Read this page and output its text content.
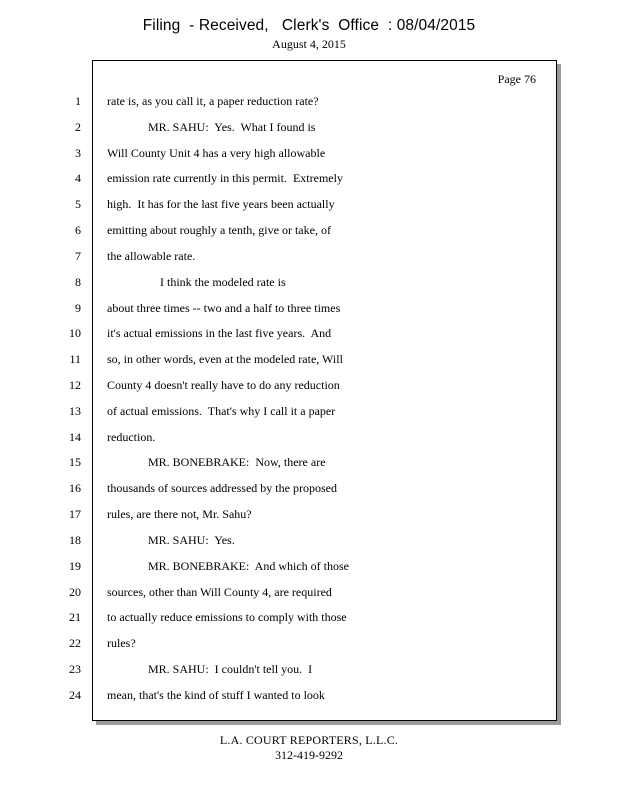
Filing  - Received,   Clerk's  Office  : 08/04/2015
August 4, 2015
Page 76
1 rate is, as you call it, a paper reduction rate?
2	MR. SAHU:  Yes.  What I found is
3 Will County Unit 4 has a very high allowable
4 emission rate currently in this permit.  Extremely
5 high.  It has for the last five years been actually
6 emitting about roughly a tenth, give or take, of
7 the allowable rate.
8	I think the modeled rate is
9 about three times -- two and a half to three times
10 it's actual emissions in the last five years.  And
11 so, in other words, even at the modeled rate, Will
12 County 4 doesn't really have to do any reduction
13 of actual emissions.  That's why I call it a paper
14 reduction.
15	MR. BONEBRAKE:  Now, there are
16 thousands of sources addressed by the proposed
17 rules, are there not, Mr. Sahu?
18	MR. SAHU:  Yes.
19	MR. BONEBRAKE:  And which of those
20 sources, other than Will County 4, are required
21 to actually reduce emissions to comply with those
22 rules?
23	MR. SAHU:  I couldn't tell you.  I
24 mean, that's the kind of stuff I wanted to look
L.A. COURT REPORTERS, L.L.C.
312-419-9292
